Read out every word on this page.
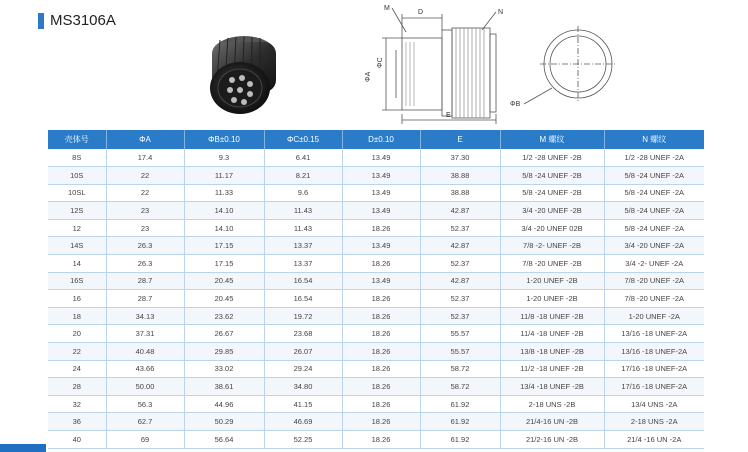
MS3106A
M
D	N
ΦA
ΦC
E
ΦB
壳体号	ΦA	ΦB±0.10	ΦC±0.15	D±0.10	E	M 螺纹	N 螺纹
8S	17.4	9.3	6.41	13.49	37.30	1/2 -28 UNEF -2B	1/2 -28 UNEF -2A
10S	22	11.17	8.21	13.49	38.88	5/8 -24 UNEF -2B	5/8 -24 UNEF -2A
10SL	22	11.33	9.6	13.49	38.88	5/8 -24 UNEF -2B	5/8 -24 UNEF -2A
12S	23	14.10	11.43	13.49	42.87	3/4 -20 UNEF -2B	5/8 -24 UNEF -2A
12	23	14.10	11.43	18.26	52.37	3/4 -20 UNEF 02B	5/8 -24 UNEF -2A
14S	26.3	17.15	13.37	13.49	42.87	7/8 -2- UNEF -2B	3/4 -20 UNEF -2A
14	26.3	17.15	13.37	18.26	52.37	7/8 -20 UNEF -2B	3/4 -2- UNEF -2A
16S	28.7	20.45	16.54	13.49	42.87	1-20 UNEF -2B	7/8 -20 UNEF -2A
16	28.7	20.45	16.54	18.26	52.37	1-20 UNEF -2B	7/8 -20 UNEF -2A
18	34.13	23.62	19.72	18.26	52.37	11/8 -18 UNEF -2B	1-20 UNEF -2A
20	37.31	26.67	23.68	18.26	55.57	11/4 -18 UNEF -2B	13/16 -18 UNEF-2A
22	40.48	29.85	26.07	18.26	55.57	13/8 -18 UNEF -2B	13/16 -18 UNEF-2A
24	43.66	33.02	29.24	18.26	58.72	11/2 -18 UNEF -2B	17/16 -18 UNEF-2A
28	50.00	38.61	34.80	18.26	58.72	13/4 -18 UNEF -2B	17/16 -18 UNEF-2A
32	56.3	44.96	41.15	18.26	61.92	2-18 UNS -2B	13/4 UNS -2A
36	62.7	50.29	46.69	18.26	61.92	21/4-16 UN -2B	2-18 UNS -2A
40	69	56.64	52.25	18.26	61.92	21/2-16 UN -2B	21/4 -16 UN -2A
